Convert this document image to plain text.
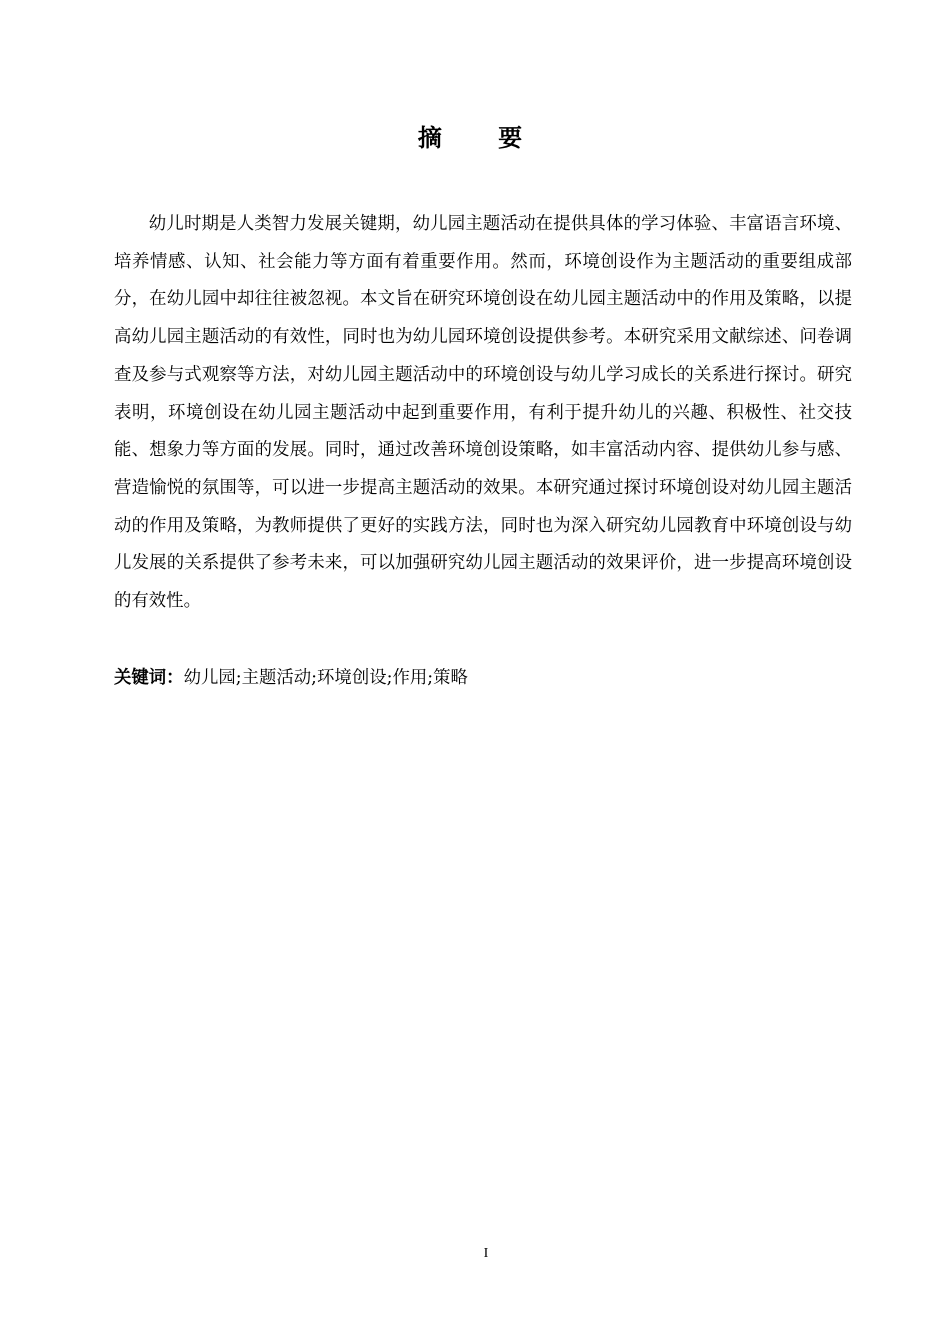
摘 要

幼儿时期是人类智力发展关键期，幼儿园主题活动在提供具体的学习体验、丰富语言环境、培养情感、认知、社会能力等方面有着重要作用。然而，环境创设作为主题活动的重要组成部分，在幼儿园中却往往被忽视。本文旨在研究环境创设在幼儿园主题活动中的作用及策略，以提高幼儿园主题活动的有效性，同时也为幼儿园环境创设提供参考。本研究采用文献综述、问卷调查及参与式观察等方法，对幼儿园主题活动中的环境创设与幼儿学习成长的关系进行探讨。研究表明，环境创设在幼儿园主题活动中起到重要作用，有利于提升幼儿的兴趣、积极性、社交技能、想象力等方面的发展。同时，通过改善环境创设策略，如丰富活动内容、提供幼儿参与感、营造愉悦的氛围等，可以进一步提高主题活动的效果。本研究通过探讨环境创设对幼儿园主题活动的作用及策略，为教师提供了更好的实践方法，同时也为深入研究幼儿园教育中环境创设与幼儿发展的关系提供了参考未来，可以加强研究幼儿园主题活动的效果评价，进一步提高环境创设的有效性。

关键词：幼儿园;主题活动;环境创设;作用;策略
I
